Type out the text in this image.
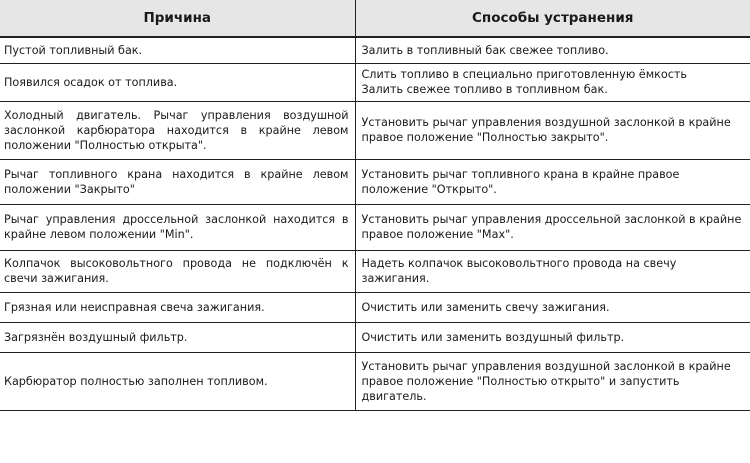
Причина	Способы устранения
Пустой топливный бак.	Залить в топливный бак свежее топливо.

Появился осадок от топлива.	Слить топливо в специально приготовленную ёмкость
Залить свежее топливо в топливном бак.

Холодный двигатель. Рычаг управления воздушной заслонкой карбюратора находится в крайне левом положении "Полностью открыта".	Установить рычаг управления воздушной заслонкой в крайне правое положение "Полностью закрыто".

Рычаг топливного крана находится в крайне левом положении "Закрыто"	Установить рычаг топливного крана в крайне правое положение "Открыто".

Рычаг управления дроссельной заслонкой находится в крайне левом положении "Min".	Установить рычаг управления дроссельной заслонкой в крайне правое положение "Max".

Колпачок высоковольтного провода не подключён к свечи зажигания.	Надеть колпачок высоковольтного провода на свечу зажигания.

Грязная или неисправная свеча зажигания.	Очистить или заменить свечу зажигания.

Загрязнён воздушный фильтр.	Очистить или заменить воздушный фильтр.

Карбюратор полностью заполнен топливом.	Установить рычаг управления воздушной заслонкой в крайне правое положение "Полностью открыто" и запустить двигатель.
